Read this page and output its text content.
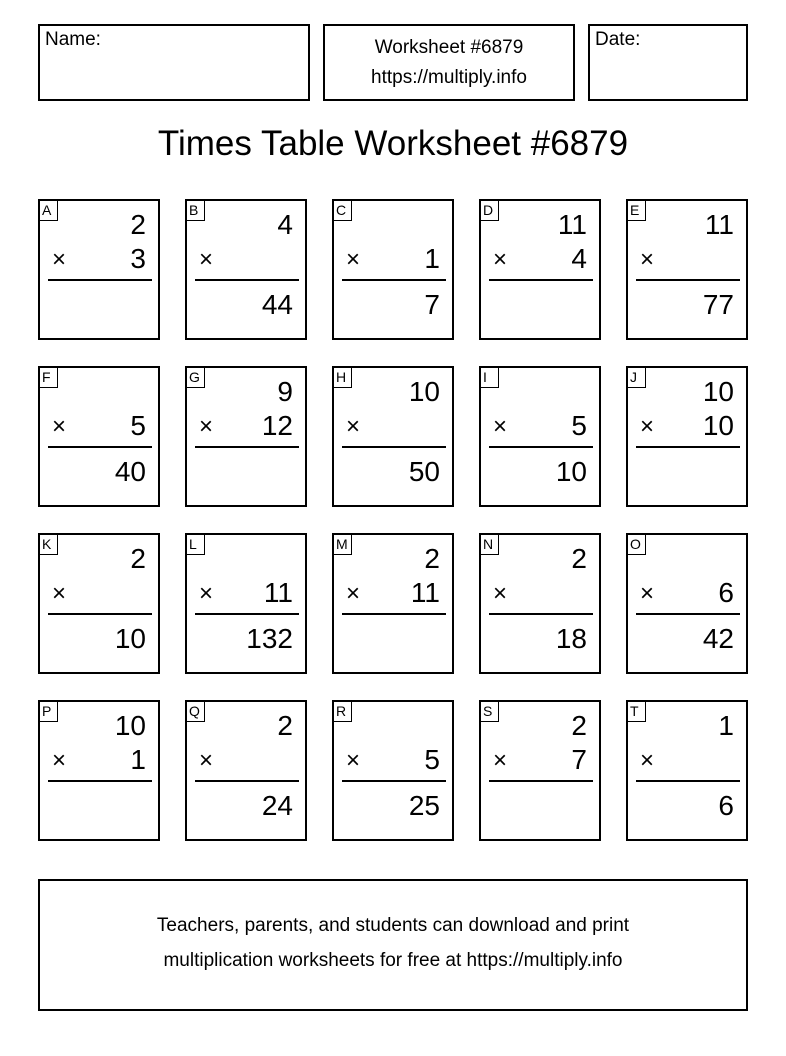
Name:	Worksheet #6879
https://multiply.info
Date:
Times Table Worksheet #6879
A	2
× 3
B	4
×
44
C
× 1
7
D 11
× 4
E 11
×
77
F
× 5
40
G	9
× 12
H 10
×
50
I
× 5
10
J	10
× 10
K	2
×
10
L
× 11
132
M	2
× 11
N	2
×
18
O
× 6
42
P 10
× 1
Q	2
×
24
R
× 5
25
S	2
× 7
T	1
×
6
Teachers, parents, and students can download and print
multiplication worksheets for free at https://multiply.info
